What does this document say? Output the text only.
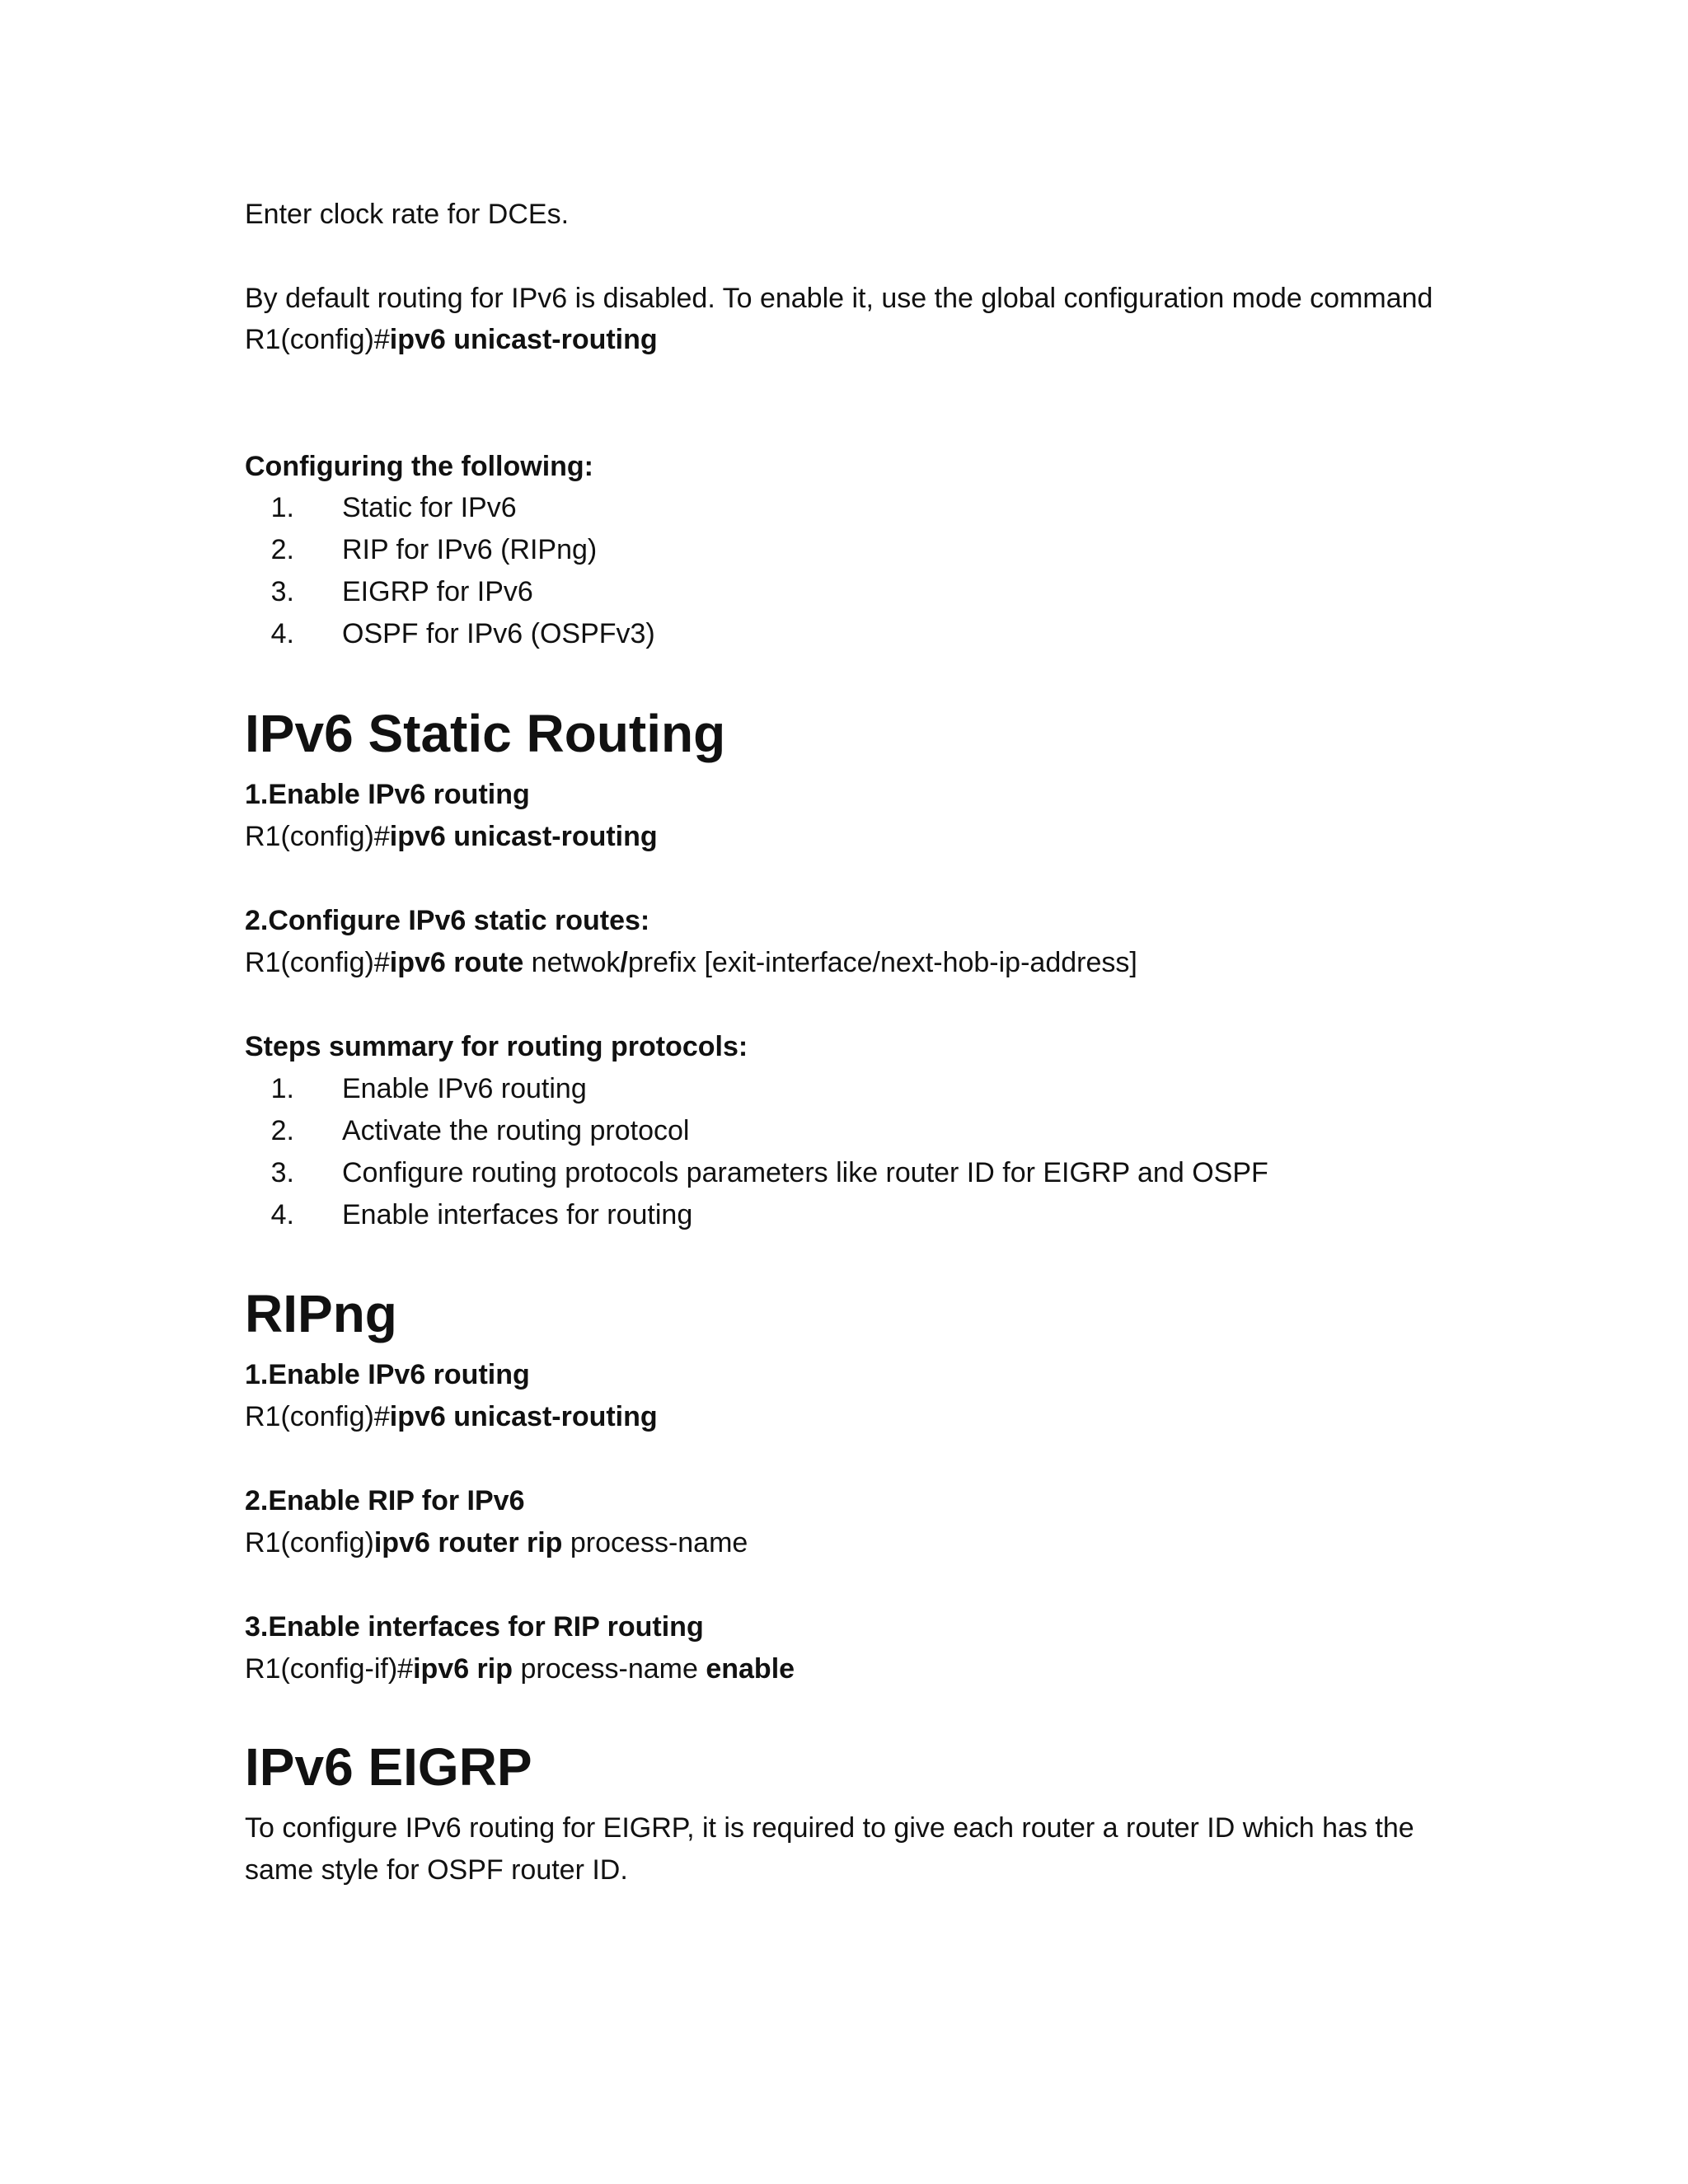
Enter clock rate for DCEs.
By default routing for IPv6 is disabled. To enable it, use the global configuration mode command
R1(config)#ipv6 unicast-routing
Configuring the following:
1. Static for IPv6
2. RIP for IPv6 (RIPng)
3. EIGRP for IPv6
4. OSPF for IPv6 (OSPFv3)
IPv6 Static Routing
1.Enable IPv6 routing
R1(config)#ipv6 unicast-routing
2.Configure IPv6 static routes:
R1(config)#ipv6 route netwok/prefix [exit-interface/next-hob-ip-address]
Steps summary for routing protocols:
1. Enable IPv6 routing
2. Activate the routing protocol
3. Configure routing protocols parameters like router ID for EIGRP and OSPF
4. Enable interfaces for routing
RIPng
1.Enable IPv6 routing
R1(config)#ipv6 unicast-routing
2.Enable RIP for IPv6
R1(config)ipv6 router rip process-name
3.Enable interfaces for RIP routing
R1(config-if)#ipv6 rip process-name enable
IPv6 EIGRP
To configure IPv6 routing for EIGRP, it is required to give each router a router ID which has the
same style for OSPF router ID.
